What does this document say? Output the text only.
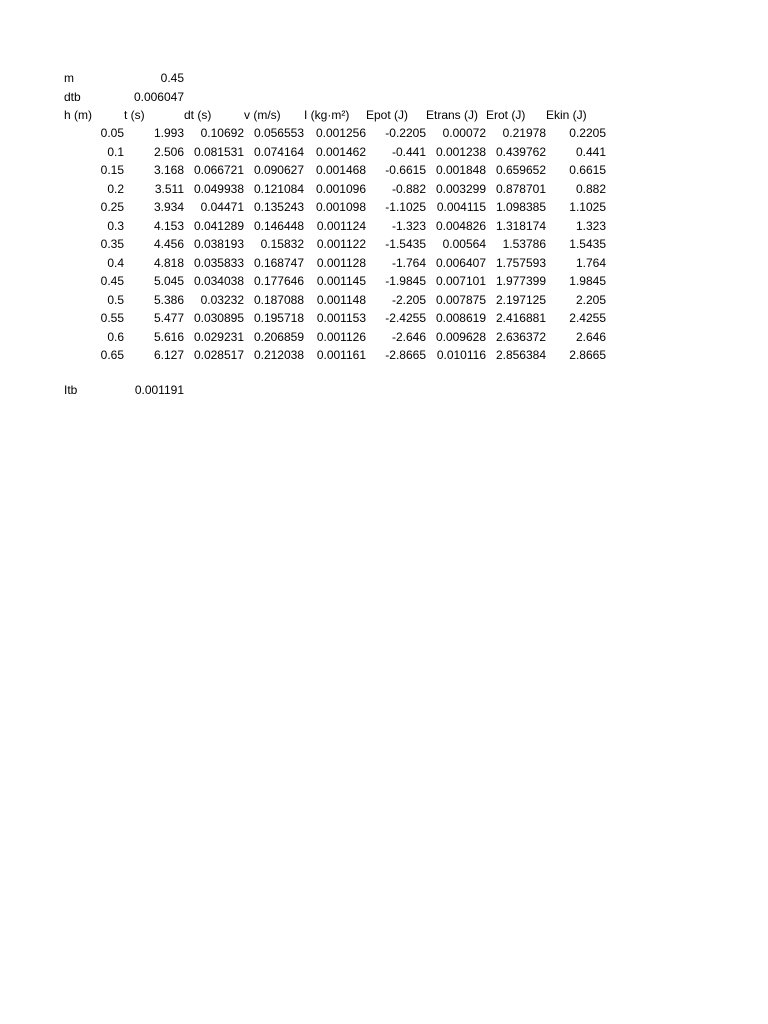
m	0.45
dtb	0.006047
h (m)	t (s)	dt (s)	v (m/s)	I (kg·m²)	Epot (J)	Etrans (J) Erot (J)	Ekin (J)
0.05	1.993	0.10692 0.056553 0.001256	-0.2205	0.00072	0.21978	0.2205
0.1	2.506 0.081531 0.074164 0.001462	-0.441 0.001238 0.439762	0.441
0.15	3.168 0.066721 0.090627 0.001468	-0.6615 0.001848 0.659652	0.6615
0.2	3.511 0.049938 0.121084 0.001096	-0.882 0.003299 0.878701	0.882
0.25	3.934	0.04471 0.135243 0.001098	-1.1025 0.004115 1.098385	1.1025
0.3	4.153 0.041289 0.146448	0.001124	-1.323 0.004826 1.318174	1.323
0.35	4.456 0.038193	0.15832	0.001122	-1.5435	0.00564	1.53786	1.5435
0.4	4.818 0.035833 0.168747	0.001128	-1.764 0.006407 1.757593	1.764
0.45	5.045 0.034038 0.177646	0.001145	-1.9845 0.007101 1.977399	1.9845
0.5	5.386	0.03232 0.187088	0.001148	-2.205 0.007875 2.197125	2.205
0.55	5.477 0.030895 0.195718	0.001153	-2.4255 0.008619 2.416881	2.4255
0.6	5.616 0.029231 0.206859	0.001126	-2.646 0.009628 2.636372	2.646
0.65	6.127 0.028517 0.212038	0.001161	-2.8665 0.010116 2.856384	2.8665
Itb	0.001191
